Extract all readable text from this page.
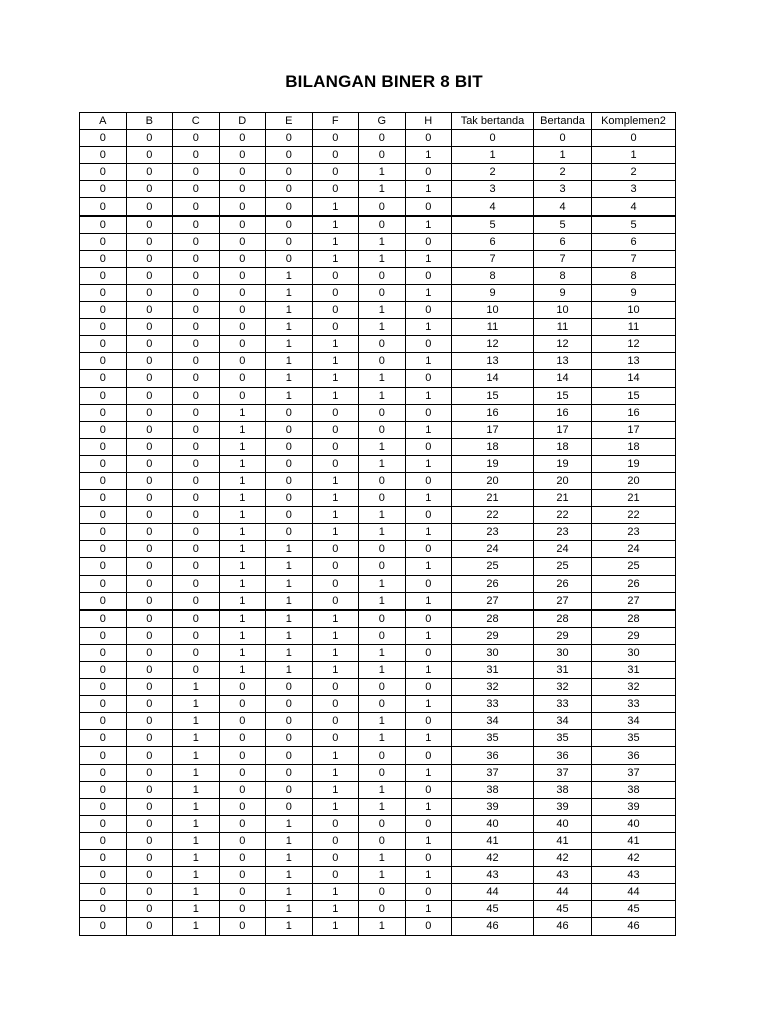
BILANGAN BINER 8 BIT
A	B	C	D	E	F	G	H	Tak bertanda	Bertanda	Komplemen2
0	0	0	0	0	0	0	0	0	0	0
0	0	0	0	0	0	0	1	1	1	1
0	0	0	0	0	0	1	0	2	2	2
0	0	0	0	0	0	1	1	3	3	3
0	0	0	0	0	1	0	0	4	4	4
0	0	0	0	0	1	0	1	5	5	5
0	0	0	0	0	1	1	0	6	6	6
0	0	0	0	0	1	1	1	7	7	7
0	0	0	0	1	0	0	0	8	8	8
0	0	0	0	1	0	0	1	9	9	9
0	0	0	0	1	0	1	0	10	10	10
0	0	0	0	1	0	1	1	11	11	11
0	0	0	0	1	1	0	0	12	12	12
0	0	0	0	1	1	0	1	13	13	13
0	0	0	0	1	1	1	0	14	14	14
0	0	0	0	1	1	1	1	15	15	15
0	0	0	1	0	0	0	0	16	16	16
0	0	0	1	0	0	0	1	17	17	17
0	0	0	1	0	0	1	0	18	18	18
0	0	0	1	0	0	1	1	19	19	19
0	0	0	1	0	1	0	0	20	20	20
0	0	0	1	0	1	0	1	21	21	21
0	0	0	1	0	1	1	0	22	22	22
0	0	0	1	0	1	1	1	23	23	23
0	0	0	1	1	0	0	0	24	24	24
0	0	0	1	1	0	0	1	25	25	25
0	0	0	1	1	0	1	0	26	26	26
0	0	0	1	1	0	1	1	27	27	27
0	0	0	1	1	1	0	0	28	28	28
0	0	0	1	1	1	0	1	29	29	29
0	0	0	1	1	1	1	0	30	30	30
0	0	0	1	1	1	1	1	31	31	31
0	0	1	0	0	0	0	0	32	32	32
0	0	1	0	0	0	0	1	33	33	33
0	0	1	0	0	0	1	0	34	34	34
0	0	1	0	0	0	1	1	35	35	35
0	0	1	0	0	1	0	0	36	36	36
0	0	1	0	0	1	0	1	37	37	37
0	0	1	0	0	1	1	0	38	38	38
0	0	1	0	0	1	1	1	39	39	39
0	0	1	0	1	0	0	0	40	40	40
0	0	1	0	1	0	0	1	41	41	41
0	0	1	0	1	0	1	0	42	42	42
0	0	1	0	1	0	1	1	43	43	43
0	0	1	0	1	1	0	0	44	44	44
0	0	1	0	1	1	0	1	45	45	45
0	0	1	0	1	1	1	0	46	46	46
